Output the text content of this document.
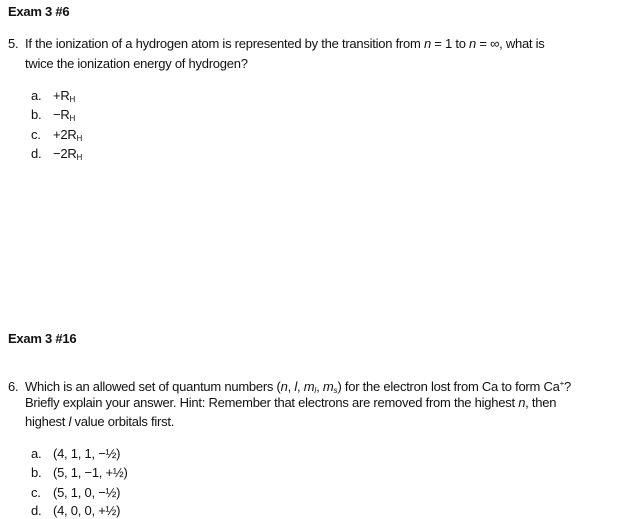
Exam 3 #6
5. If the ionization of a hydrogen atom is represented by the transition from n = 1 to n = ∞, what is
twice the ionization energy of hydrogen?
a. $+R_H$
b. $-R_H$
c. $+2R_H$
d. $-2R_H$
Exam 3 #16
6. Which is an allowed set of quantum numbers (n, l, $m_l$, $m_s$) for the electron lost from Ca to form Ca+?
Briefly explain your answer. Hint: Remember that electrons are removed from the highest n, then
highest l value orbitals first.
a. (4, 1, 1, −½)
b. (5, 1, −1, +½)
c. (5, 1, 0, −½)
d. (4, 0, 0, +½)
